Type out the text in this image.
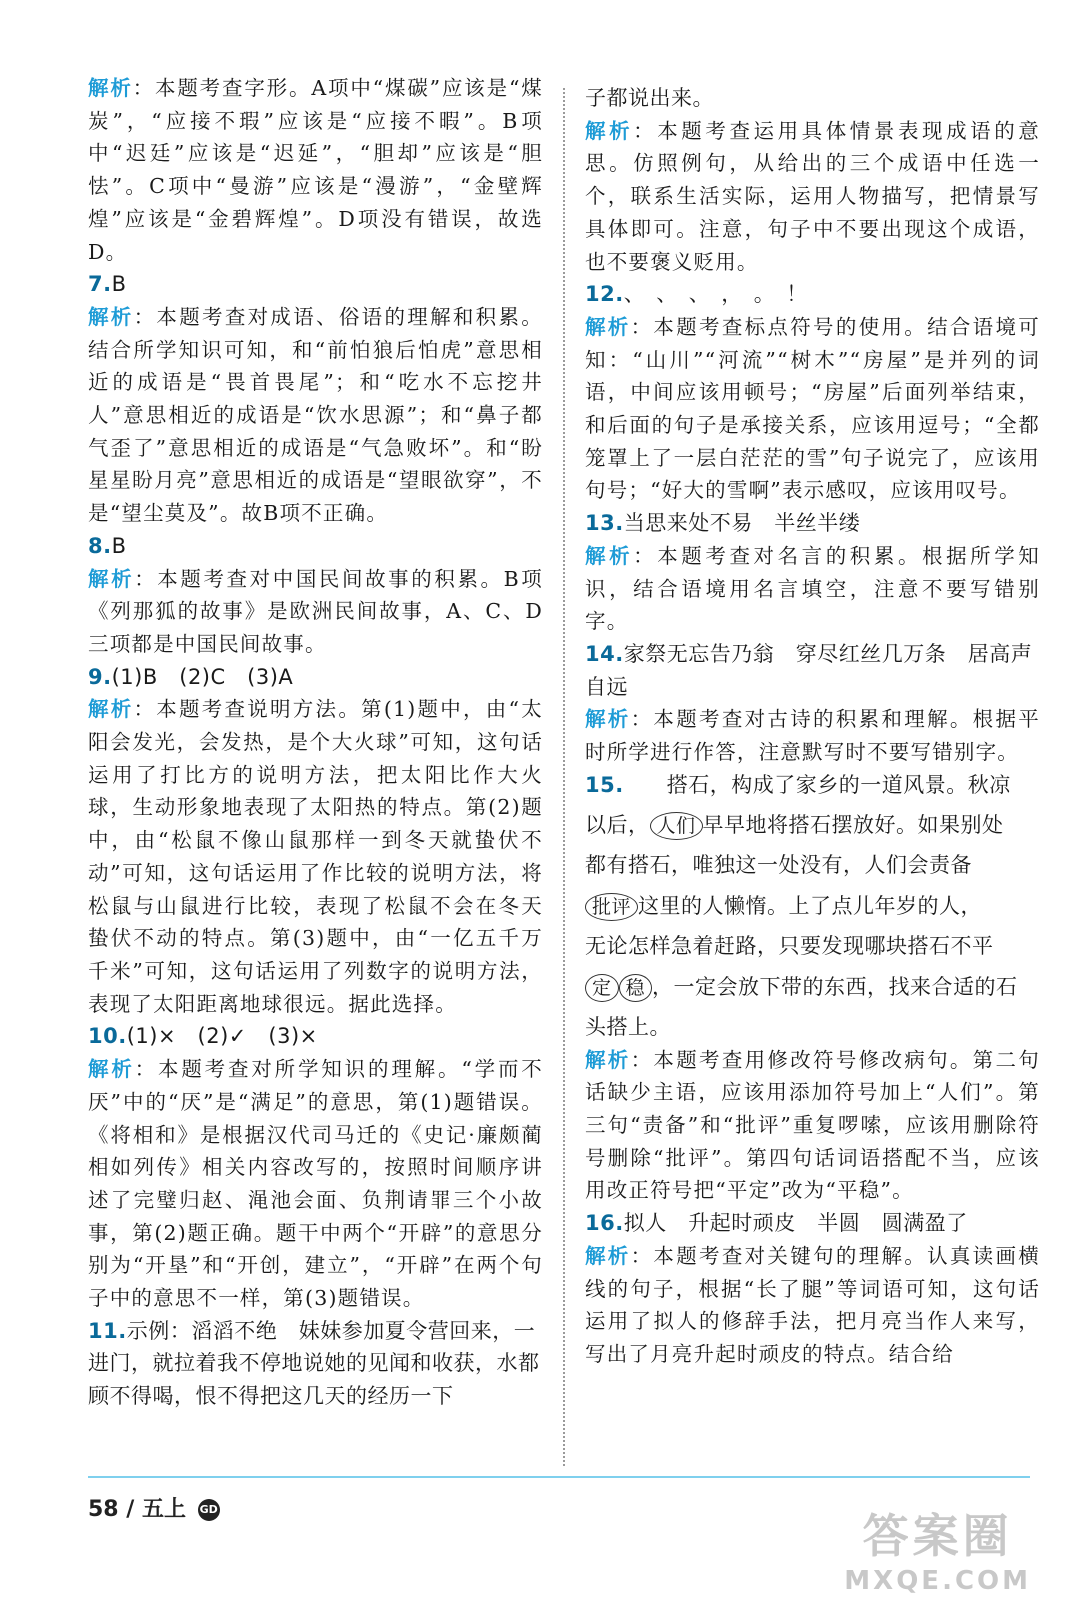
解析：本题考查字形。A项中“煤碳”应该是“煤炭”，“应接不瑕”应该是“应接不暇”。B项中“迟廷”应该是“迟延”，“胆却”应该是“胆怯”。C项中“曼游”应该是“漫游”，“金壁辉煌”应该是“金碧辉煌”。D项没有错误，故选D。

7.B

解析：本题考查对成语、俗语的理解和积累。结合所学知识可知，和“前怕狼后怕虎”意思相近的成语是“畏首畏尾”；和“吃水不忘挖井人”意思相近的成语是“饮水思源”；和“鼻子都气歪了”意思相近的成语是“气急败坏”。和“盼星星盼月亮”意思相近的成语是“望眼欲穿”，不是“望尘莫及”。故B项不正确。

8.B

解析：本题考查对中国民间故事的积累。B项《列那狐的故事》是欧洲民间故事，A、C、D三项都是中国民间故事。

9.(1)B　(2)C　(3)A

解析：本题考查说明方法。第(1)题中，由“太阳会发光，会发热，是个大火球”可知，这句话运用了打比方的说明方法，把太阳比作大火球，生动形象地表现了太阳热的特点。第(2)题中，由“松鼠不像山鼠那样一到冬天就蛰伏不动”可知，这句话运用了作比较的说明方法，将松鼠与山鼠进行比较，表现了松鼠不会在冬天蛰伏不动的特点。第(3)题中，由“一亿五千万千米”可知，这句话运用了列数字的说明方法，表现了太阳距离地球很远。据此选择。

10.(1)×　(2)✓　(3)×

解析：本题考查对所学知识的理解。“学而不厌”中的“厌”是“满足”的意思，第(1)题错误。《将相和》是根据汉代司马迁的《史记·廉颇蔺相如列传》相关内容改写的，按照时间顺序讲述了完璧归赵、渑池会面、负荆请罪三个小故事，第(2)题正确。题干中两个“开辟”的意思分别为“开垦”和“开创，建立”，“开辟”在两个句子中的意思不一样，第(3)题错误。

11.示例：滔滔不绝　妹妹参加夏令营回来，一进门，就拉着我不停地说她的见闻和收获，水都顾不得喝，恨不得把这几天的经历一下

子都说出来。

解析：本题考查运用具体情景表现成语的意思。仿照例句，从给出的三个成语中任选一个，联系生活实际，运用人物描写，把情景写具体即可。注意，句子中不要出现这个成语，也不要褒义贬用。

12.、　、　、　，　。　！

解析：本题考查标点符号的使用。结合语境可知：“山川”“河流”“树木”“房屋”是并列的词语，中间应该用顿号；“房屋”后面列举结束，和后面的句子是承接关系，应该用逗号；“全都笼罩上了一层白茫茫的雪”句子说完了，应该用句号；“好大的雪啊”表示感叹，应该用叹号。

13.当思来处不易　半丝半缕

解析：本题考查对名言的积累。根据所学知识，结合语境用名言填空，注意不要写错别字。

14.家祭无忘告乃翁　穿尽红丝几万条　居高声自远

解析：本题考查对古诗的积累和理解。根据平时所学进行作答，注意默写时不要写错别字。

15.　　搭石，构成了家乡的一道风景。秋凉

以后， 人们 早早地将搭石摆放好。如果别处

都有搭石，唯独这一处没有，人们会责备

批评 这里的人懒惰。上了点儿年岁的人，

无论怎样急着赶路，只要发现哪块搭石不平

定 稳 ，一定会放下带的东西，找来合适的石

头搭上。

解析：本题考查用修改符号修改病句。第二句话缺少主语，应该用添加符号加上“人们”。第三句“责备”和“批评”重复啰嗦，应该用删除符号删除“批评”。第四句话词语搭配不当，应该用改正符号把“平定”改为“平稳”。

16.拟人　升起时顽皮　半圆　圆满盈了

解析：本题考查对关键句的理解。认真读画横线的句子，根据“长了腿”等词语可知，这句话运用了拟人的修辞手法，把月亮当作人来写，写出了月亮升起时顽皮的特点。结合给

58 / 五上 GD	答案圈
MXQE.COM
